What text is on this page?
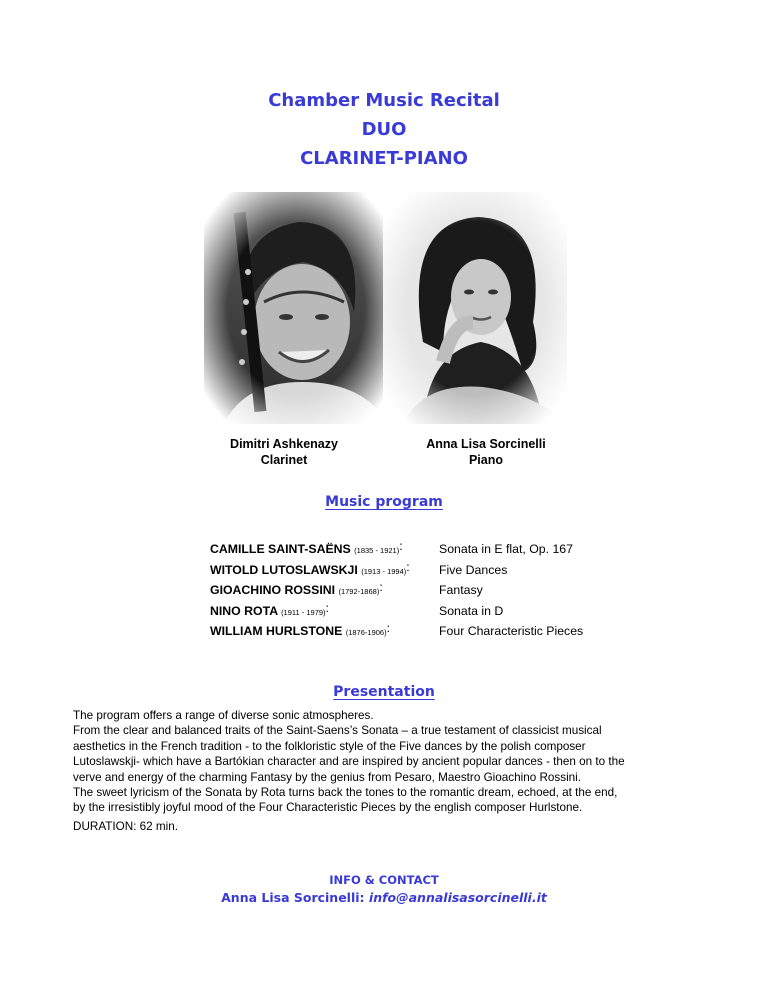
Chamber Music Recital
DUO
CLARINET-PIANO
Dimitri Ashkenazy
Clarinet
Anna Lisa Sorcinelli
Piano
Music program
CAMILLE SAINT-SAËNS (1835 - 1921):	Sonata in E flat, Op. 167
WITOLD LUTOSLAWSKJI (1913 - 1994): Five Dances
GIOACHINO ROSSINI (1792-1868):	Fantasy
NINO ROTA (1911 - 1979):	Sonata in D
WILLIAM HURLSTONE (1876-1906):	Four Characteristic Pieces
Presentation

The program offers a range of diverse sonic atmospheres.

From the clear and balanced traits of the Saint-Saens’s Sonata – a true testament of classicist musical

aesthetics in the French tradition - to the folkloristic style of the Five dances by the polish composer

Lutoslawskji- which have a Bartókian character and are inspired by ancient popular dances - then on to the

verve and energy of the charming Fantasy by the genius from Pesaro, Maestro Gioachino Rossini.

The sweet lyricism of the Sonata by Rota turns back the tones to the romantic dream, echoed, at the end,

by the irresistibly joyful mood of the Four Characteristic Pieces by the english composer Hurlstone.

DURATION: 62 min.
INFO & CONTACT
Anna Lisa Sorcinelli: info@annalisasorcinelli.it
